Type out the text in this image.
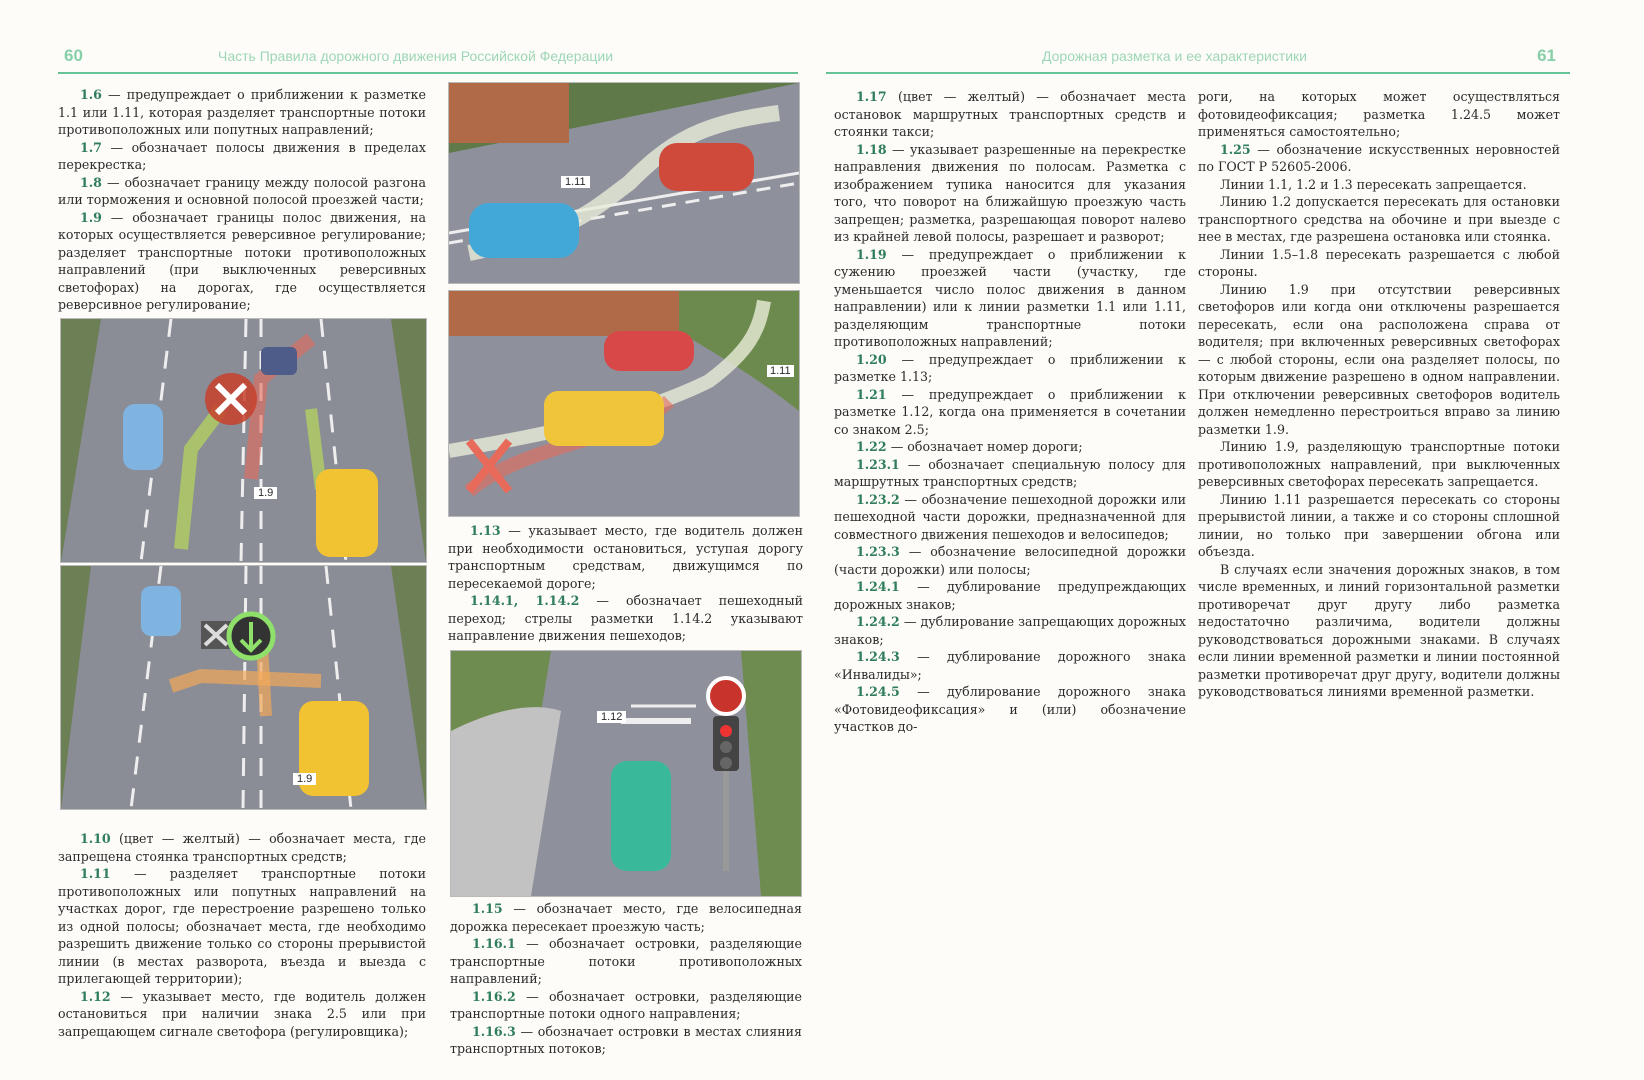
60	Часть Правила дорожного движения Российской Федерации

1.6 — предупреждает о приближении к разметке 1.1 или 1.11, которая разделяет транспортные потоки противоположных или попутных направлений;

1.7 — обозначает полосы движения в пределах перекрестка;

1.8 — обозначает границу между полосой разгона или торможения и основной полосой проезжей части;

1.9 — обозначает границы полос движения, на которых осуществляется реверсивное регулирование; разделяет транспортные потоки противоположных направлений (при выключенных реверсивных светофорах) на дорогах, где осуществляется реверсивное регулирование;

1.9
1.9

1.10 (цвет — желтый) — обозначает места, где запрещена стоянка транспортных средств;

1.11 — разделяет транспортные потоки противоположных или попутных направлений на участках дорог, где перестроение разрешено только из одной полосы; обозначает места, где необходимо разрешить движение только со стороны прерывистой линии (в местах разворота, въезда и выезда с прилегающей территории);

1.12 — указывает место, где водитель должен остановиться при наличии знака 2.5 или при запрещающем сигнале светофора (регулировщика);

1.11
1.11

1.13 — указывает место, где водитель должен при необходимости остановиться, уступая дорогу транспортным средствам, движущимся по пересекаемой дороге;

1.14.1, 1.14.2 — обозначает пешеходный переход; стрелы разметки 1.14.2 указывают направление движения пешеходов;

1.12

1.15 — обозначает место, где велосипедная дорожка пересекает проезжую часть;

1.16.1 — обозначает островки, разделяющие транспортные потоки противоположных направлений;

1.16.2 — обозначает островки, разделяющие транспортные потоки одного направления;

1.16.3 — обозначает островки в местах слияния транспортных потоков;

Дорожная разметка и ее характеристики	61

1.17 (цвет — желтый) — обозначает места остановок маршрутных транспортных средств и стоянки такси;

1.18 — указывает разрешенные на перекрестке направления движения по полосам. Разметка с изображением тупика наносится для указания того, что поворот на ближайшую проезжую часть запрещен; разметка, разрешающая поворот налево из крайней левой полосы, разрешает и разворот;

1.19 — предупреждает о приближении к сужению проезжей части (участку, где уменьшается число полос движения в данном направлении) или к линии разметки 1.1 или 1.11, разделяющим транспортные потоки противоположных направлений;

1.20 — предупреждает о приближении к разметке 1.13;

1.21 — предупреждает о приближении к разметке 1.12, когда она применяется в сочетании со знаком 2.5;

1.22 — обозначает номер дороги;

1.23.1 — обозначает специальную полосу для маршрутных транспортных средств;

1.23.2 — обозначение пешеходной дорожки или пешеходной части дорожки, предназначенной для совместного движения пешеходов и велосипедов;

1.23.3 — обозначение велосипедной дорожки (части дорожки) или полосы;

1.24.1 — дублирование предупреждающих дорожных знаков;

1.24.2 — дублирование запрещающих дорожных знаков;

1.24.3 — дублирование дорожного знака «Инвалиды»;

1.24.5 — дублирование дорожного знака «Фотовидеофиксация» и (или) обозначение участков до-

роги, на которых может осуществляться фотовидеофиксация; разметка 1.24.5 может применяться самостоятельно;

1.25 — обозначение искусственных неровностей по ГОСТ Р 52605-2006.

Линии 1.1, 1.2 и 1.3 пересекать запрещается.

Линию 1.2 допускается пересекать для остановки транспортного средства на обочине и при выезде с нее в местах, где разрешена остановка или стоянка.

Линии 1.5–1.8 пересекать разрешается с любой стороны.

Линию 1.9 при отсутствии реверсивных светофоров или когда они отключены разрешается пересекать, если она расположена справа от водителя; при включенных реверсивных светофорах — с любой стороны, если она разделяет полосы, по которым движение разрешено в одном направлении. При отключении реверсивных светофоров водитель должен немедленно перестроиться вправо за линию разметки 1.9.

Линию 1.9, разделяющую транспортные потоки противоположных направлений, при выключенных реверсивных светофорах пересекать запрещается.

Линию 1.11 разрешается пересекать со стороны прерывистой линии, а также и со стороны сплошной линии, но только при завершении обгона или объезда.

В случаях если значения дорожных знаков, в том числе временных, и линий горизонтальной разметки противоречат друг другу либо разметка недостаточно различима, водители должны руководствоваться дорожными знаками. В случаях если линии временной разметки и линии постоянной разметки противоречат друг другу, водители должны руководствоваться линиями временной разметки.
